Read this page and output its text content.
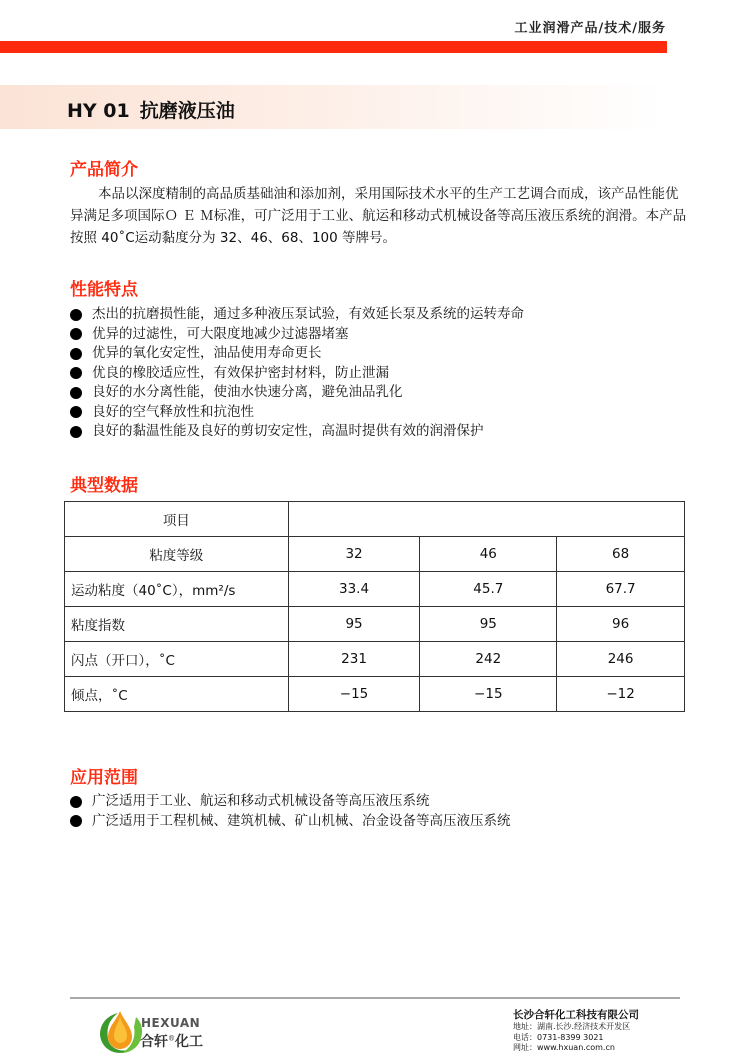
工业润滑产品/技术/服务
HY 01 抗磨液压油
产品简介
本品以深度精制的高品质基础油和添加剂，采用国际技术水平的生产工艺调合而成，该产品性能优异满足多项国际Ｏ Ｅ Ｍ标准，可广泛用于工业、航运和移动式机械设备等高压液压系统的润滑。本产品按照 40˚C运动黏度分为 32、46、68、100 等牌号。
性能特点
杰出的抗磨损性能，通过多种液压泵试验，有效延长泵及系统的运转寿命
优异的过滤性，可大限度地减少过滤器堵塞
优异的氧化安定性，油品使用寿命更长
优良的橡胶适应性，有效保护密封材料，防止泄漏
良好的水分离性能，使油水快速分离，避免油品乳化
良好的空气释放性和抗泡性
良好的黏温性能及良好的剪切安定性，高温时提供有效的润滑保护
典型数据
项目			
粘度等级	32	46	68
运动粘度（40˚C），mm²/s	33.4	45.7	67.7
粘度指数	95	95	96
闪点（开口），˚C	231	242	246
倾点，˚C	−15	−15	−12
应用范围
广泛适用于工业、航运和移动式机械设备等高压液压系统
广泛适用于工程机械、建筑机械、矿山机械、冶金设备等高压液压系统
HEXUAN
合轩®化工
长沙合轩化工科技有限公司
地址：湖南.长沙.经济技术开发区
电话：0731-8399 3021
网址：www.hxuan.com.cn
